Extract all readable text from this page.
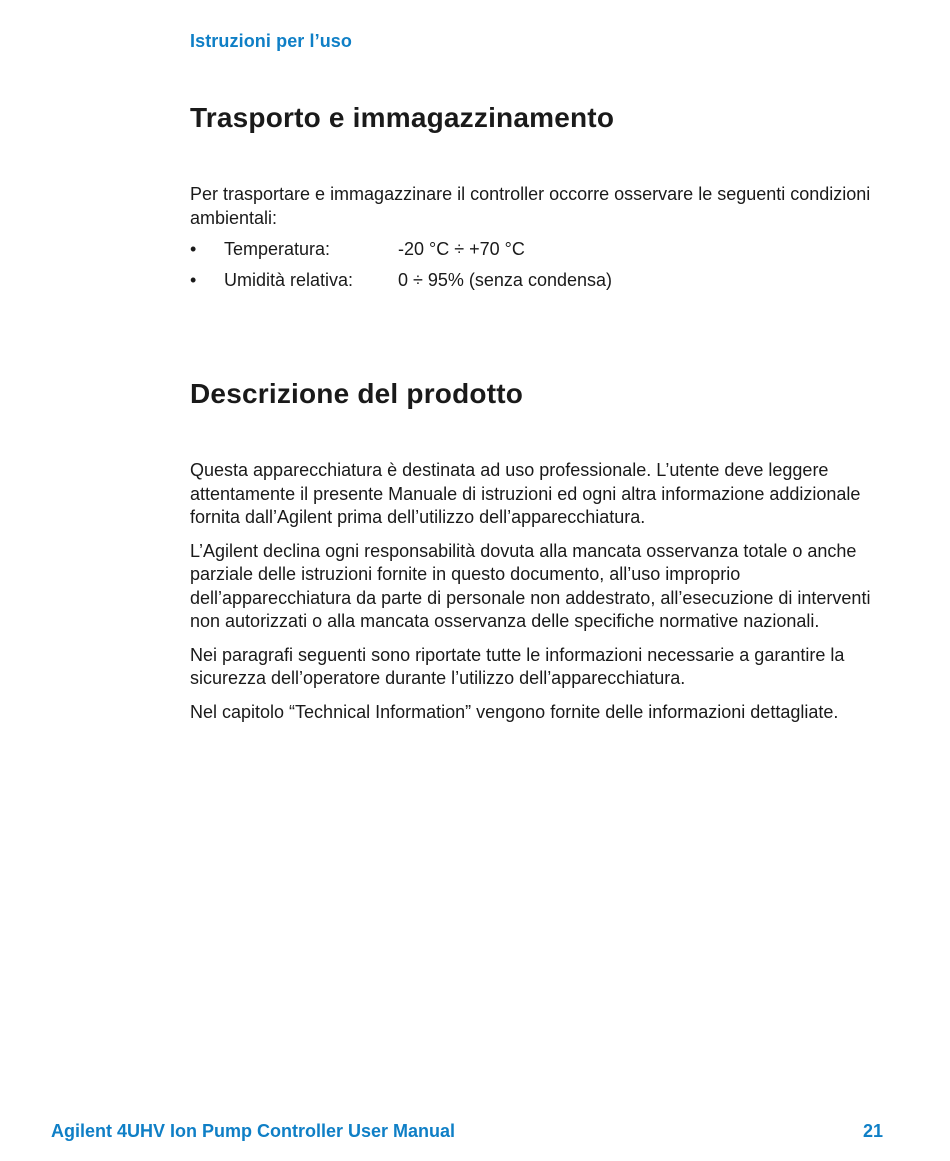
Istruzioni per l’uso
Trasporto e immagazzinamento

Per trasportare e immagazzinare il controller occorre osservare le seguenti condizioni ambientali:

•	Temperatura:	-20 °C ÷ +70 °C
•	Umidità relativa: 0 ÷ 95% (senza condensa)
Descrizione del prodotto

Questa apparecchiatura è destinata ad uso professionale. L’utente deve leggere attentamente il presente Manuale di istruzioni ed ogni altra informazione addizionale fornita dall’Agilent prima dell’utilizzo dell’apparecchiatura.

L’Agilent declina ogni responsabilità dovuta alla mancata osservanza totale o anche parziale delle istruzioni fornite in questo documento, all’uso improprio dell’apparecchiatura da parte di personale non addestrato, all’esecuzione di interventi non autorizzati o alla mancata osservanza delle specifiche normative nazionali.

Nei paragrafi seguenti sono riportate tutte le informazioni necessarie a garantire la sicurezza dell’operatore durante l’utilizzo dell’apparecchiatura.

Nel capitolo “Technical Information” vengono fornite delle informazioni dettagliate.

Agilent 4UHV Ion Pump Controller User Manual	21
